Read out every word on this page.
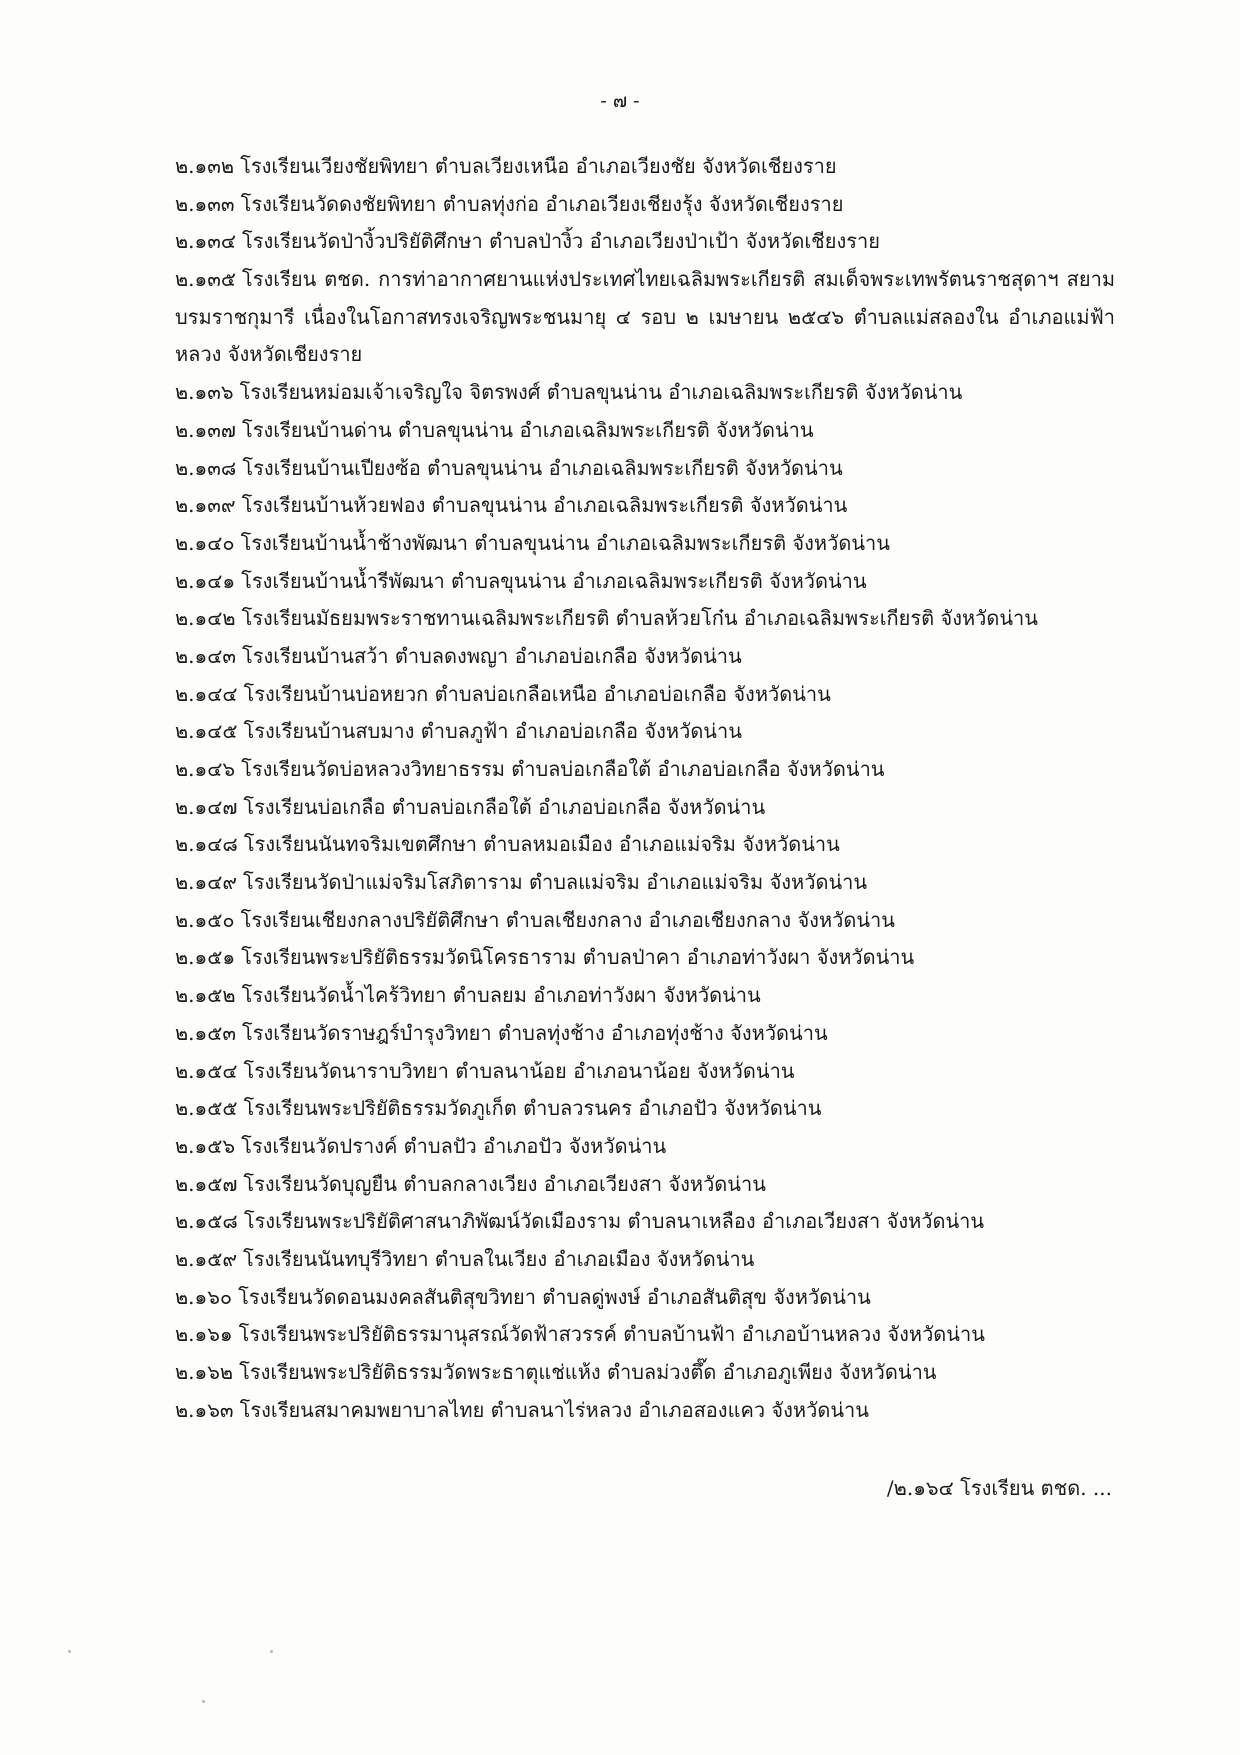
- ๗ -
๒.๑๓๒ โรงเรียนเวียงชัยพิทยา ตำบลเวียงเหนือ อำเภอเวียงชัย จังหวัดเชียงราย
๒.๑๓๓ โรงเรียนวัดดงชัยพิทยา ตำบลทุ่งก่อ อำเภอเวียงเชียงรุ้ง จังหวัดเชียงราย
๒.๑๓๔ โรงเรียนวัดป่างิ้วปริยัติศึกษา ตำบลป่างิ้ว อำเภอเวียงป่าเป้า จังหวัดเชียงราย
๒.๑๓๕ โรงเรียน ตชด. การท่าอากาศยานแห่งประเทศไทยเฉลิมพระเกียรติ สมเด็จพระเทพรัตนราชสุดาฯ สยามบรมราชกุมารี เนื่องในโอกาสทรงเจริญพระชนมายุ ๔ รอบ ๒ เมษายน ๒๕๔๖ ตำบลแม่สลองใน อำเภอแม่ฟ้าหลวง จังหวัดเชียงราย
๒.๑๓๖ โรงเรียนหม่อมเจ้าเจริญใจ จิตรพงศ์ ตำบลขุนน่าน อำเภอเฉลิมพระเกียรติ จังหวัดน่าน
๒.๑๓๗ โรงเรียนบ้านด่าน ตำบลขุนน่าน อำเภอเฉลิมพระเกียรติ จังหวัดน่าน
๒.๑๓๘ โรงเรียนบ้านเปียงซ้อ ตำบลขุนน่าน อำเภอเฉลิมพระเกียรติ จังหวัดน่าน
๒.๑๓๙ โรงเรียนบ้านห้วยฟอง ตำบลขุนน่าน อำเภอเฉลิมพระเกียรติ จังหวัดน่าน
๒.๑๔๐ โรงเรียนบ้านน้ำช้างพัฒนา ตำบลขุนน่าน อำเภอเฉลิมพระเกียรติ จังหวัดน่าน
๒.๑๔๑ โรงเรียนบ้านน้ำรีพัฒนา ตำบลขุนน่าน อำเภอเฉลิมพระเกียรติ จังหวัดน่าน
๒.๑๔๒ โรงเรียนมัธยมพระราชทานเฉลิมพระเกียรติ ตำบลห้วยโก๋น อำเภอเฉลิมพระเกียรติ จังหวัดน่าน
๒.๑๔๓ โรงเรียนบ้านสว้า ตำบลดงพญา อำเภอบ่อเกลือ จังหวัดน่าน
๒.๑๔๔ โรงเรียนบ้านบ่อหยวก ตำบลบ่อเกลือเหนือ อำเภอบ่อเกลือ จังหวัดน่าน
๒.๑๔๕ โรงเรียนบ้านสบมาง ตำบลภูฟ้า อำเภอบ่อเกลือ จังหวัดน่าน
๒.๑๔๖ โรงเรียนวัดบ่อหลวงวิทยาธรรม ตำบลบ่อเกลือใต้ อำเภอบ่อเกลือ จังหวัดน่าน
๒.๑๔๗ โรงเรียนบ่อเกลือ ตำบลบ่อเกลือใต้ อำเภอบ่อเกลือ จังหวัดน่าน
๒.๑๔๘ โรงเรียนนันทจริมเขตศึกษา ตำบลหมอเมือง อำเภอแม่จริม จังหวัดน่าน
๒.๑๔๙ โรงเรียนวัดป่าแม่จริมโสภิตาราม ตำบลแม่จริม อำเภอแม่จริม จังหวัดน่าน
๒.๑๕๐ โรงเรียนเชียงกลางปริยัติศึกษา ตำบลเชียงกลาง อำเภอเชียงกลาง จังหวัดน่าน
๒.๑๕๑ โรงเรียนพระปริยัติธรรมวัดนิโครธาราม ตำบลป่าคา อำเภอท่าวังผา จังหวัดน่าน
๒.๑๕๒ โรงเรียนวัดน้ำไคร้วิทยา ตำบลยม อำเภอท่าวังผา จังหวัดน่าน
๒.๑๕๓ โรงเรียนวัดราษฎร์บำรุงวิทยา ตำบลทุ่งช้าง อำเภอทุ่งช้าง จังหวัดน่าน
๒.๑๕๔ โรงเรียนวัดนาราบวิทยา ตำบลนาน้อย อำเภอนาน้อย จังหวัดน่าน
๒.๑๕๕ โรงเรียนพระปริยัติธรรมวัดภูเก็ต ตำบลวรนคร อำเภอปัว จังหวัดน่าน
๒.๑๕๖ โรงเรียนวัดปรางค์ ตำบลปัว อำเภอปัว จังหวัดน่าน
๒.๑๕๗ โรงเรียนวัดบุญยืน ตำบลกลางเวียง อำเภอเวียงสา จังหวัดน่าน
๒.๑๕๘ โรงเรียนพระปริยัติศาสนาภิพัฒน์วัดเมืองราม ตำบลนาเหลือง อำเภอเวียงสา จังหวัดน่าน
๒.๑๕๙ โรงเรียนนันทบุรีวิทยา ตำบลในเวียง อำเภอเมือง จังหวัดน่าน
๒.๑๖๐ โรงเรียนวัดดอนมงคลสันติสุขวิทยา ตำบลดู่พงษ์ อำเภอสันติสุข จังหวัดน่าน
๒.๑๖๑ โรงเรียนพระปริยัติธรรมานุสรณ์วัดฟ้าสวรรค์ ตำบลบ้านฟ้า อำเภอบ้านหลวง จังหวัดน่าน
๒.๑๖๒ โรงเรียนพระปริยัติธรรมวัดพระธาตุแช่แห้ง ตำบลม่วงตึ๊ด อำเภอภูเพียง จังหวัดน่าน
๒.๑๖๓ โรงเรียนสมาคมพยาบาลไทย ตำบลนาไร่หลวง อำเภอสองแคว จังหวัดน่าน
/๒.๑๖๔ โรงเรียน ตชด. ...
